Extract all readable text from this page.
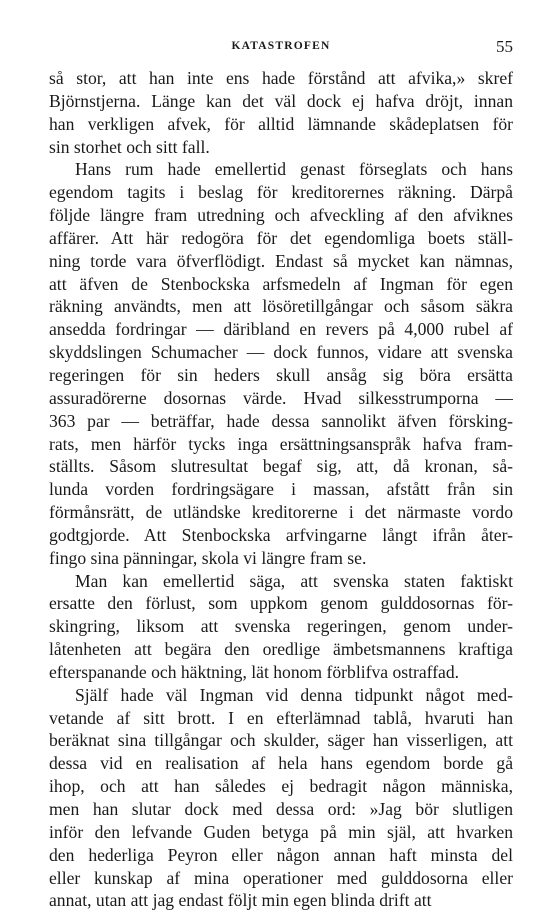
KATASTROFEN	55
så stor, att han inte ens hade förstånd att afvika,» skref
Björnstjerna. Länge kan det väl dock ej hafva dröjt, innan
han verkligen afvek, för alltid lämnande skådeplatsen för
sin storhet och sitt fall.
Hans rum hade emellertid genast förseglats och hans
egendom tagits i beslag för kreditorernes räkning. Därpå
följde längre fram utredning och afveckling af den afviknes
affärer. Att här redogöra för det egendomliga boets ställ-
ning torde vara öfverflödigt. Endast så mycket kan nämnas,
att äfven de Stenbockska arfsmedeln af Ingman för egen
räkning användts, men att lösöretillgångar och såsom säkra
ansedda fordringar — däribland en revers på 4,000 rubel af
skyddslingen Schumacher — dock funnos, vidare att svenska
regeringen för sin heders skull ansåg sig böra ersätta
assuradörerne dosornas värde. Hvad silkesstrumporna —
363 par — beträffar, hade dessa sannolikt äfven försking-
rats, men härför tycks inga ersättningsanspråk hafva fram-
ställts. Såsom slutresultat begaf sig, att, då kronan, så-
lunda vorden fordringsägare i massan, afstått från sin
förmånsrätt, de utländske kreditorerne i det närmaste vordo
godtgjorde. Att Stenbockska arfvingarne långt ifrån åter-
fingo sina pänningar, skola vi längre fram se.
Man kan emellertid säga, att svenska staten faktiskt
ersatte den förlust, som uppkom genom gulddosornas för-
skingring, liksom att svenska regeringen, genom under-
låtenheten att begära den oredlige ämbetsmannens kraftiga
efterspanande och häktning, lät honom förblifva ostraffad.
Själf hade väl Ingman vid denna tidpunkt något med-
vetande af sitt brott. I en efterlämnad tablå, hvaruti han
beräknat sina tillgångar och skulder, säger han visserligen, att
dessa vid en realisation af hela hans egendom borde gå
ihop, och att han således ej bedragit någon människa,
men han slutar dock med dessa ord: »Jag bör slutligen
inför den lefvande Guden betyga på min själ, att hvarken
den hederliga Peyron eller någon annan haft minsta del
eller kunskap af mina operationer med gulddosorna eller
annat, utan att jag endast följt min egen blinda drift att
